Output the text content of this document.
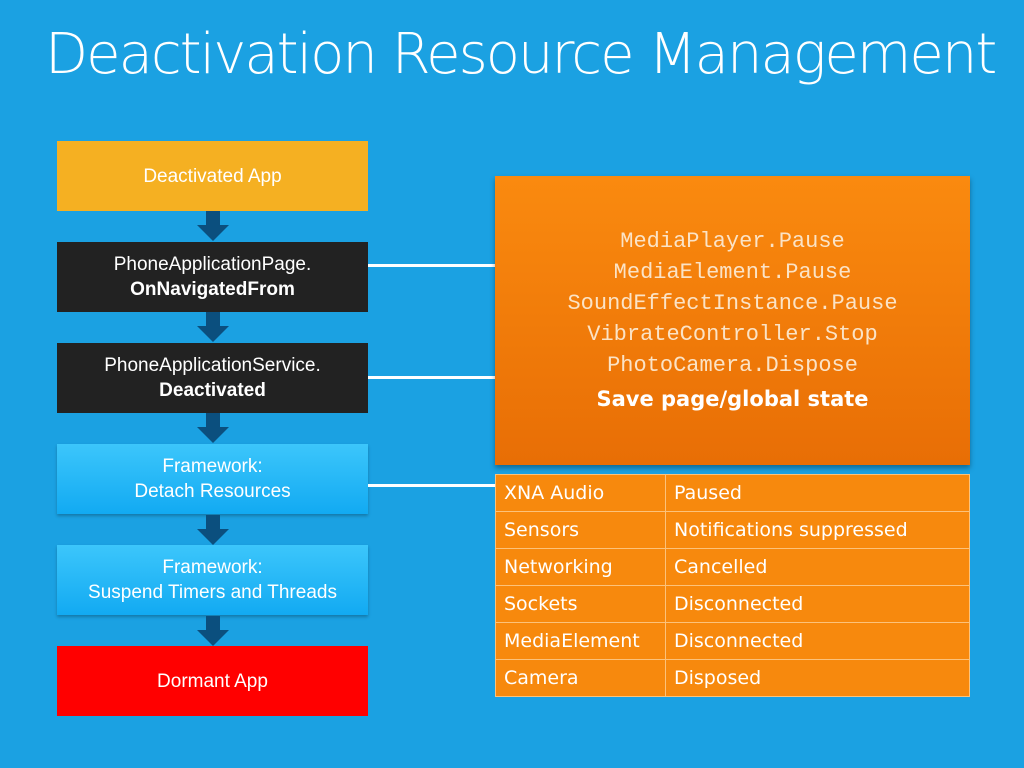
Deactivation Resource Management
Deactivated App
PhoneApplicationPage.
OnNavigatedFrom
PhoneApplicationService.
Deactivated
Framework:
Detach Resources
Framework:
Suspend Timers and Threads
Dormant App
MediaPlayer.Pause
MediaElement.Pause
SoundEffectInstance.Pause
VibrateController.Stop
PhotoCamera.Dispose
Save page/global state
XNA Audio	Paused
Sensors	Notifications suppressed
Networking	Cancelled
Sockets	Disconnected
MediaElement	Disconnected
Camera	Disposed
